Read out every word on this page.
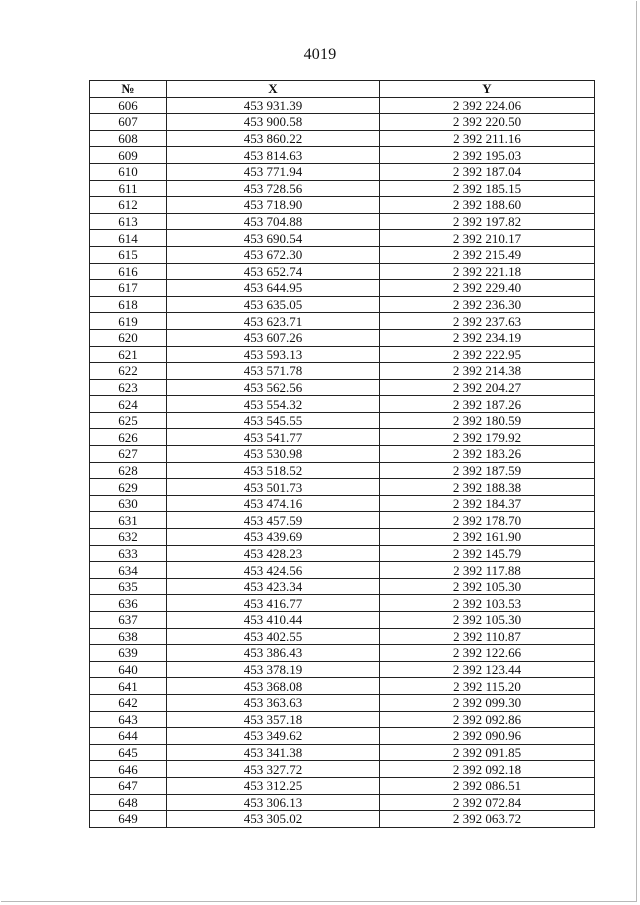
4019
№	X	Y
606	453 931.39	2 392 224.06
607	453 900.58	2 392 220.50
608	453 860.22	2 392 211.16
609	453 814.63	2 392 195.03
610	453 771.94	2 392 187.04
611	453 728.56	2 392 185.15
612	453 718.90	2 392 188.60
613	453 704.88	2 392 197.82
614	453 690.54	2 392 210.17
615	453 672.30	2 392 215.49
616	453 652.74	2 392 221.18
617	453 644.95	2 392 229.40
618	453 635.05	2 392 236.30
619	453 623.71	2 392 237.63
620	453 607.26	2 392 234.19
621	453 593.13	2 392 222.95
622	453 571.78	2 392 214.38
623	453 562.56	2 392 204.27
624	453 554.32	2 392 187.26
625	453 545.55	2 392 180.59
626	453 541.77	2 392 179.92
627	453 530.98	2 392 183.26
628	453 518.52	2 392 187.59
629	453 501.73	2 392 188.38
630	453 474.16	2 392 184.37
631	453 457.59	2 392 178.70
632	453 439.69	2 392 161.90
633	453 428.23	2 392 145.79
634	453 424.56	2 392 117.88
635	453 423.34	2 392 105.30
636	453 416.77	2 392 103.53
637	453 410.44	2 392 105.30
638	453 402.55	2 392 110.87
639	453 386.43	2 392 122.66
640	453 378.19	2 392 123.44
641	453 368.08	2 392 115.20
642	453 363.63	2 392 099.30
643	453 357.18	2 392 092.86
644	453 349.62	2 392 090.96
645	453 341.38	2 392 091.85
646	453 327.72	2 392 092.18
647	453 312.25	2 392 086.51
648	453 306.13	2 392 072.84
649	453 305.02	2 392 063.72
